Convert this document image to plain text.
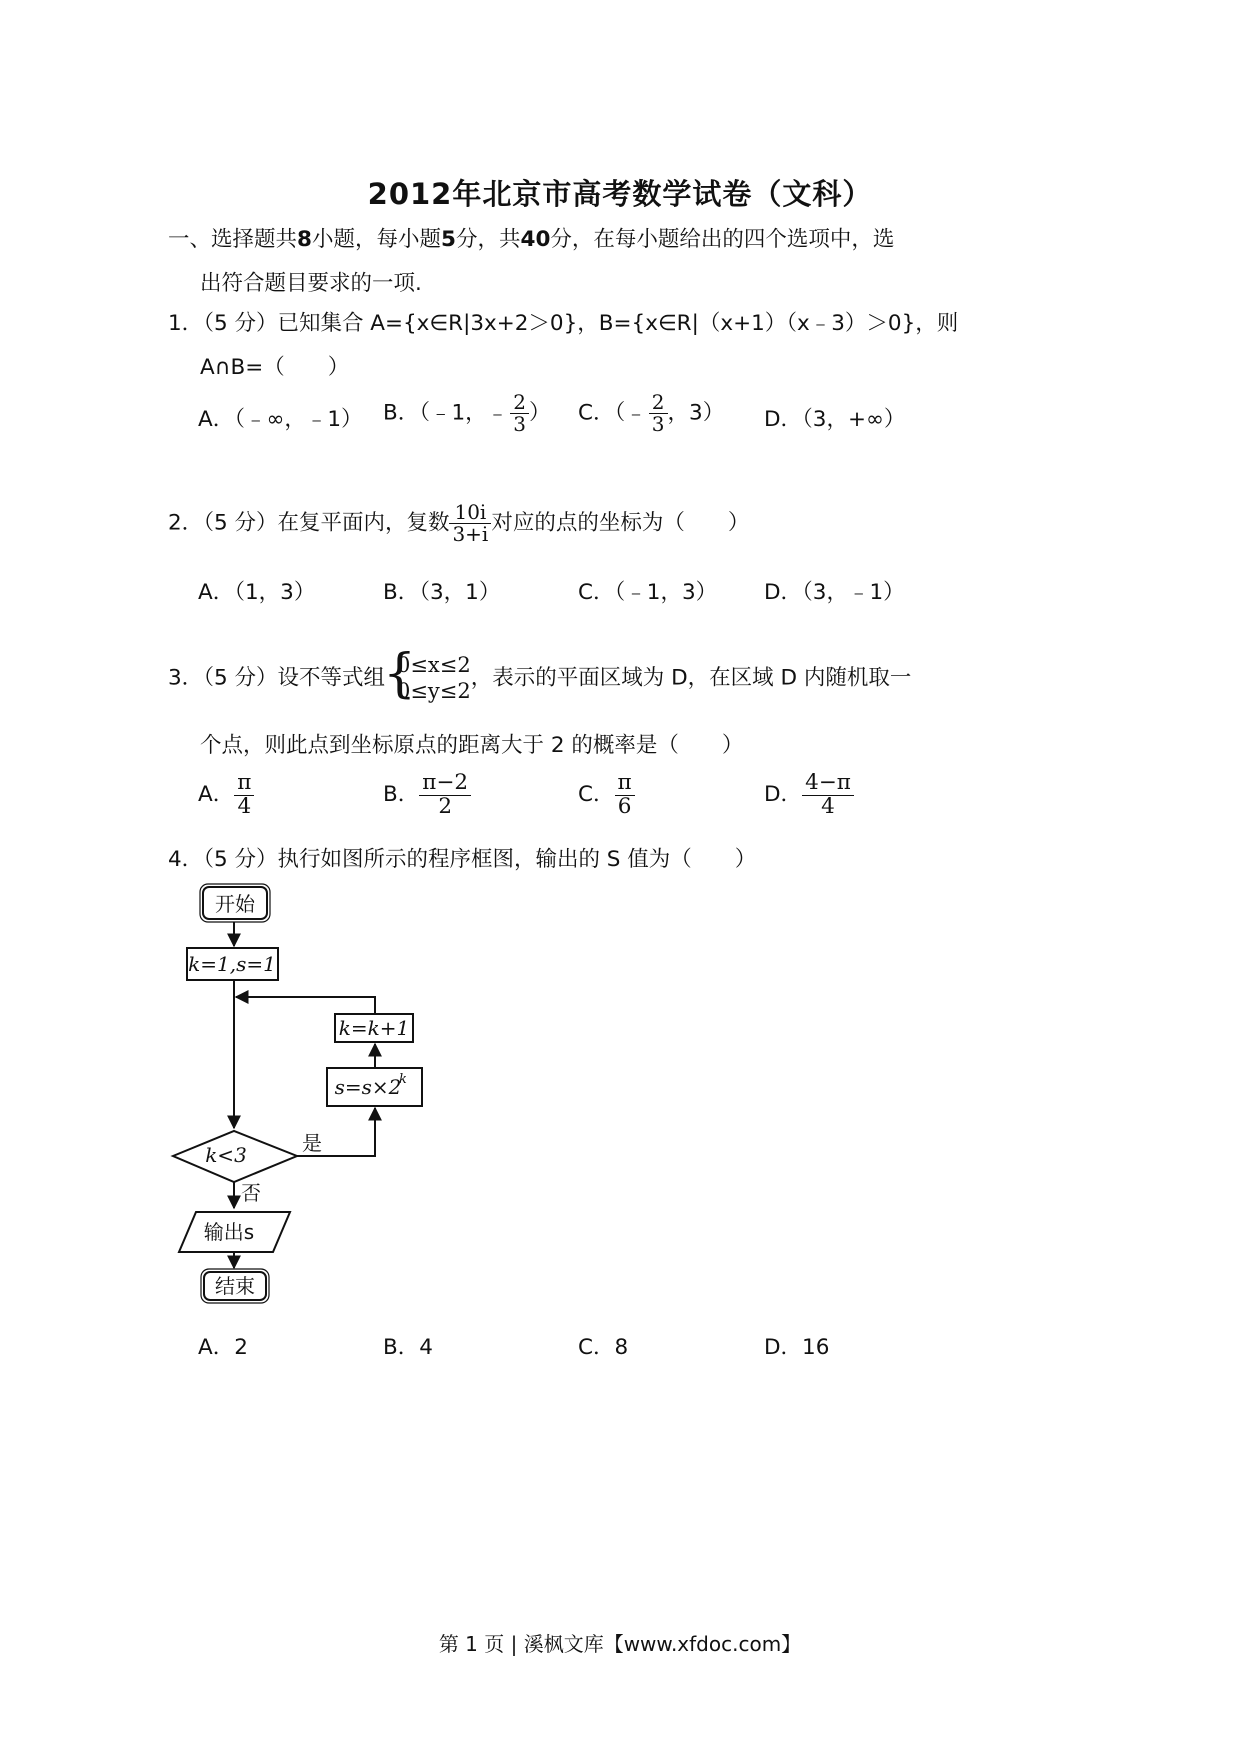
2012年北京市高考数学试卷（文科）
一、选择题共8小题，每小题5分，共40分，在每小题给出的四个选项中，选
出符合题目要求的一项.
1．（5 分）已知集合 A={x∈R|3x+2＞0}，B={x∈R|（x+1）（x﹣3）＞0}，则
A∩B=（　　）
A．（﹣∞，﹣1） B．（﹣1，﹣ $\frac{2}{3}$ ） C．（﹣ $\frac{2}{3}$ ，3） D．（3，+∞）
2．（5 分）在复平面内，复数 $\frac{10i}{3+i}$ 对应的点的坐标为（　　）
A．（1，3）	B．（3，1）	C．（﹣1，3） D．（3，﹣1）
3．（5 分）设不等式组
{
0≤x≤2
0≤y≤2
，表示的平面区域为 D，在区域 D 内随机取一
个点，则此点到坐标原点的距离大于 2 的概率是（　　）
A． $\frac{\pi}{4}$	B． $\frac{\pi-2}{2}$	C． $\frac{\pi}{6}$	D． $\frac{4-\pi}{4}$
4．（5 分）执行如图所示的程序框图，输出的 S 值为（　　）
开始
k=1,s=1
k=k+1
s=s×2
k
k<3	是
否
输出s
结束
A．2	B．4	C．8	D．16
第 1 页 | 溪枫文库【www.xfdoc.com】
